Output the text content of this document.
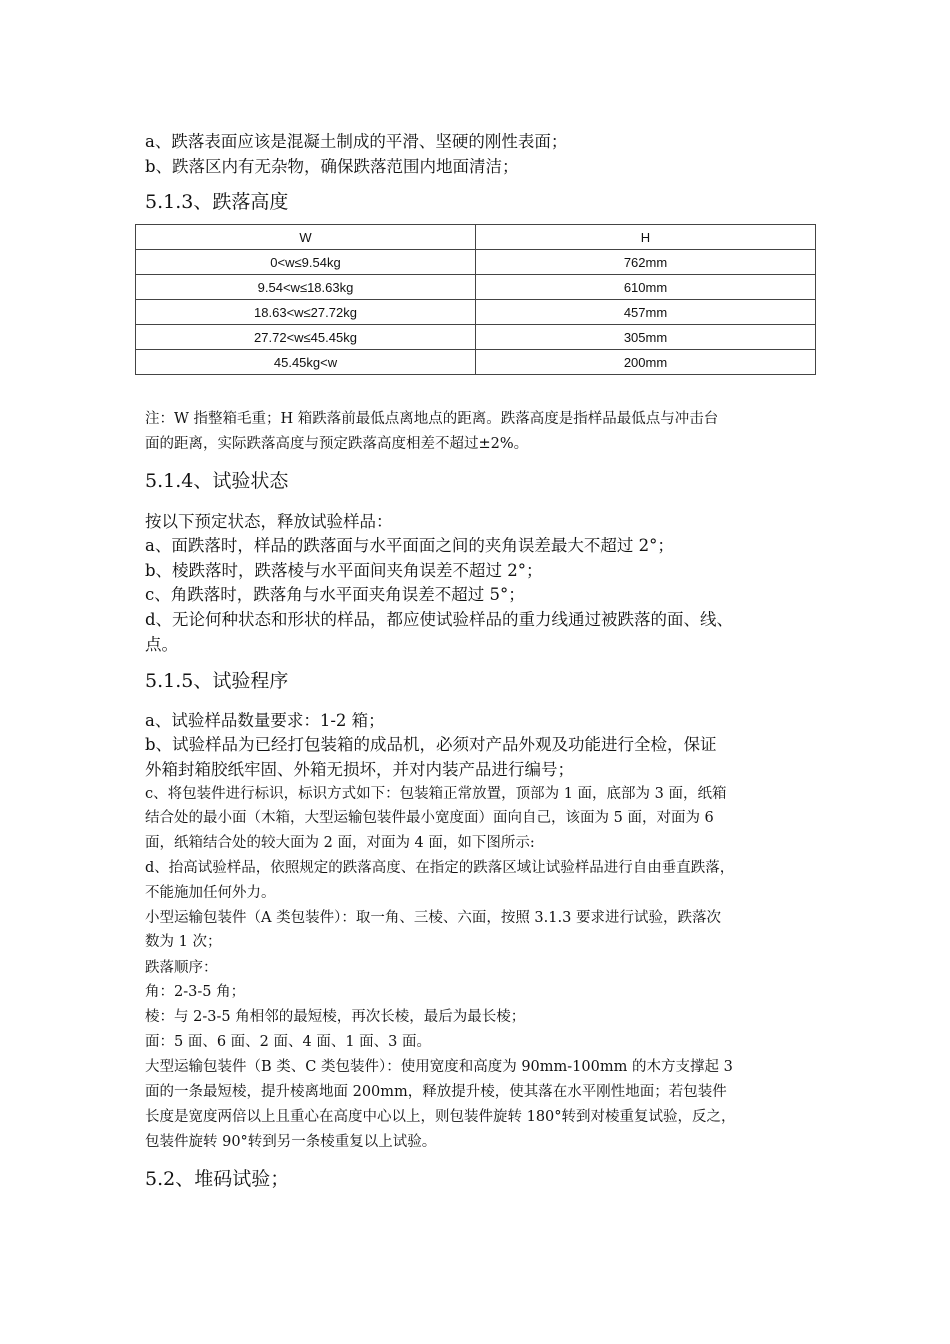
a、跌落表面应该是混凝土制成的平滑、坚硬的刚性表面；
b、跌落区内有无杂物，确保跌落范围内地面清洁；
5.1.3、跌落高度
W	H
0<w≤9.54kg	762mm
9.54<w≤18.63kg	610mm
18.63<w≤27.72kg	457mm
27.72<w≤45.45kg	305mm
45.45kg<w	200mm
注：W 指整箱毛重；H 箱跌落前最低点离地点的距离。跌落高度是指样品最低点与冲击台
面的距离，实际跌落高度与预定跌落高度相差不超过±2%。
5.1.4、试验状态
按以下预定状态，释放试验样品：
a、面跌落时，样品的跌落面与水平面面之间的夹角误差最大不超过 2°；
b、棱跌落时，跌落棱与水平面间夹角误差不超过 2°；
c、角跌落时，跌落角与水平面夹角误差不超过 5°；
d、无论何种状态和形状的样品，都应使试验样品的重力线通过被跌落的面、线、
点。
5.1.5、试验程序
a、试验样品数量要求：1-2 箱；
b、试验样品为已经打包装箱的成品机，必须对产品外观及功能进行全检，保证
外箱封箱胶纸牢固、外箱无损坏，并对内装产品进行编号；
c、将包装件进行标识，标识方式如下：包装箱正常放置，顶部为 1 面，底部为 3 面，纸箱
结合处的最小面（木箱，大型运输包装件最小宽度面）面向自己，该面为 5 面，对面为 6
面，纸箱结合处的较大面为 2 面，对面为 4 面，如下图所示:
d、抬高试验样品，依照规定的跌落高度、在指定的跌落区域让试验样品进行自由垂直跌落，
不能施加任何外力。
小型运输包装件（A 类包装件）：取一角、三棱、六面，按照 3.1.3 要求进行试验，跌落次
数为 1 次；
跌落顺序：
角：2-3-5 角；
棱：与 2-3-5 角相邻的最短棱，再次长棱，最后为最长棱；
面：5 面、6 面、2 面、4 面、1 面、3 面。
大型运输包装件（B 类、C 类包装件）：使用宽度和高度为 90mm-100mm 的木方支撑起 3
面的一条最短棱，提升棱离地面 200mm，释放提升棱，使其落在水平刚性地面；若包装件
长度是宽度两倍以上且重心在高度中心以上，则包装件旋转 180°转到对棱重复试验，反之，
包装件旋转 90°转到另一条棱重复以上试验。
5.2、堆码试验；
